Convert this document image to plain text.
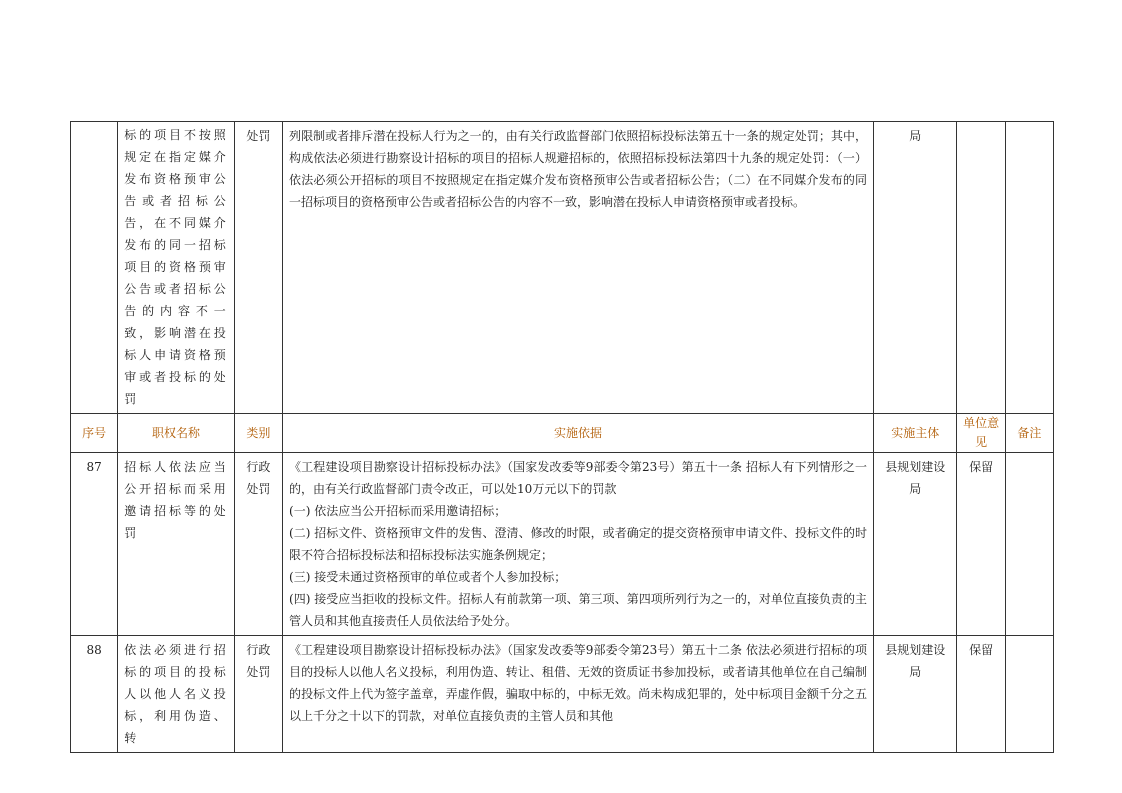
	标的项目不按照规定在指定媒介发布资格预审公告或者招标公告，在不同媒介发布的同一招标项目的资格预审公告或者招标公告的内容不一致，影响潜在投标人申请资格预审或者投标的处罚	处罚	列限制或者排斥潜在投标人行为之一的，由有关行政监督部门依照招标投标法第五十一条的规定处罚；其中，构成依法必须进行勘察设计招标的项目的招标人规避招标的，依照招标投标法第四十九条的规定处罚：（一）依法必须公开招标的项目不按照规定在指定媒介发布资格预审公告或者招标公告；（二）在不同媒介发布的同一招标项目的资格预审公告或者招标公告的内容不一致，影响潜在投标人申请资格预审或者投标。	局		
序号	职权名称	类别	实施依据	实施主体	单位意见	备注
87	招标人依法应当公开招标而采用邀请招标等的处罚	行政处罚	《工程建设项目勘察设计招标投标办法》（国家发改委等9部委令第23号）第五十一条 招标人有下列情形之一的，由有关行政监督部门责令改正，可以处10万元以下的罚款
(一) 依法应当公开招标而采用邀请招标；
(二) 招标文件、资格预审文件的发售、澄清、修改的时限，或者确定的提交资格预审申请文件、投标文件的时限不符合招标投标法和招标投标法实施条例规定；
(三) 接受未通过资格预审的单位或者个人参加投标；
(四) 接受应当拒收的投标文件。招标人有前款第一项、第三项、第四项所列行为之一的，对单位直接负责的主管人员和其他直接责任人员依法给予处分。	县规划建设局	保留	
88	依法必须进行招标的项目的投标人以他人名义投标，利用伪造、转	行政处罚	《工程建设项目勘察设计招标投标办法》（国家发改委等9部委令第23号）第五十二条 依法必须进行招标的项目的投标人以他人名义投标，利用伪造、转让、租借、无效的资质证书参加投标，或者请其他单位在自己编制的投标文件上代为签字盖章，弄虚作假，骗取中标的，中标无效。尚未构成犯罪的，处中标项目金额千分之五以上千分之十以下的罚款，对单位直接负责的主管人员和其他	县规划建设局	保留	
